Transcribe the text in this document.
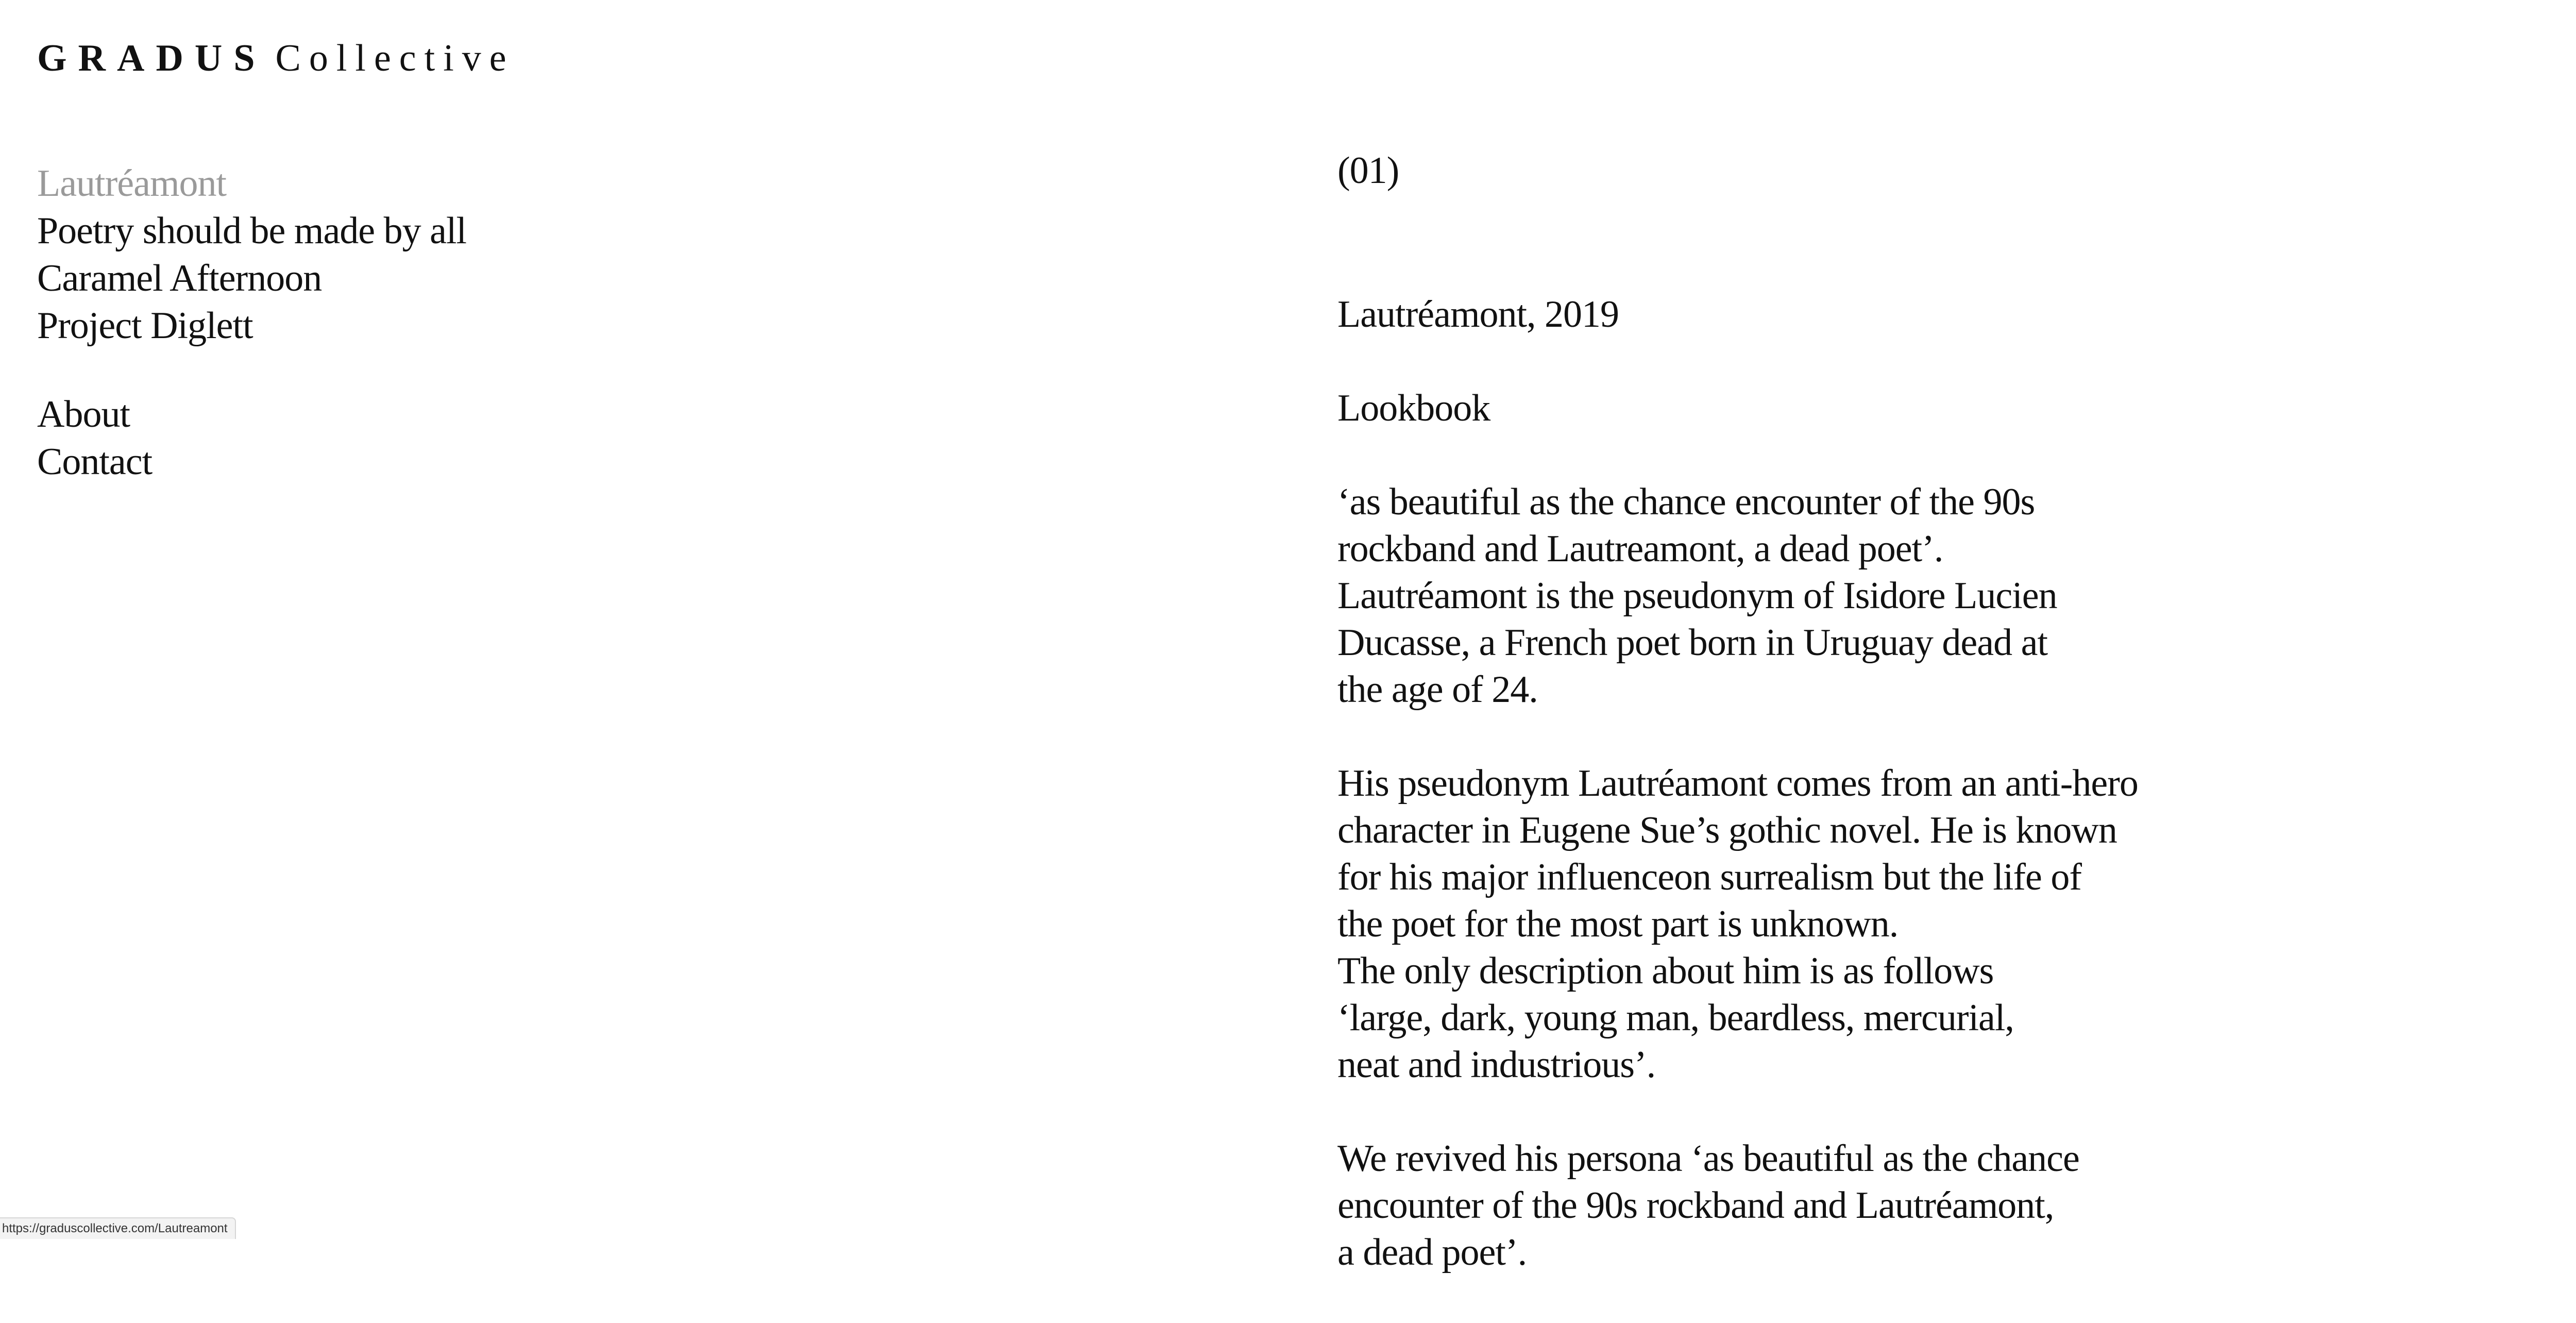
GRADUS Collective
Lautréamont
Poetry should be made by all
Caramel Afternoon
Project Diglett
About
Contact
(01)

Lautréamont, 2019

Lookbook

‘as beautiful as the chance encounter of the 90s
rockband and Lautreamont, a dead poet’.
Lautréamont is the pseudonym of Isidore Lucien
Ducasse, a French poet born in Uruguay dead at
the age of 24.

His pseudonym Lautréamont comes from an anti-hero
character in Eugene Sue’s gothic novel. He is known
for his major influenceon surrealism but the life of
the poet for the most part is unknown.
The only description about him is as follows
‘large, dark, young man, beardless, mercurial,
neat and industrious’.

We revived his persona ‘as beautiful as the chance
encounter of the 90s rockband and Lautréamont,
a dead poet’.

https://graduscollective.com/Lautreamont
